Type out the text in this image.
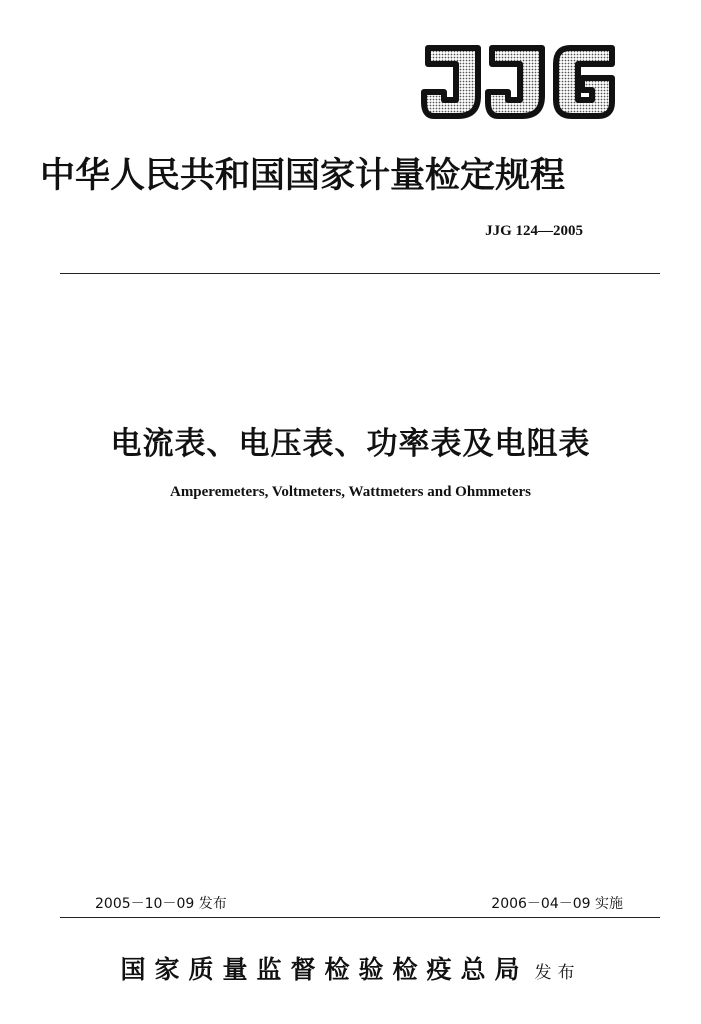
中华人民共和国国家计量检定规程
JJG 124—2005
电流表、电压表、功率表及电阻表
Amperemeters, Voltmeters, Wattmeters and Ohmmeters
2005－10－09 发布	2006－04－09 实施
国家质量监督检验检疫总局 发布
